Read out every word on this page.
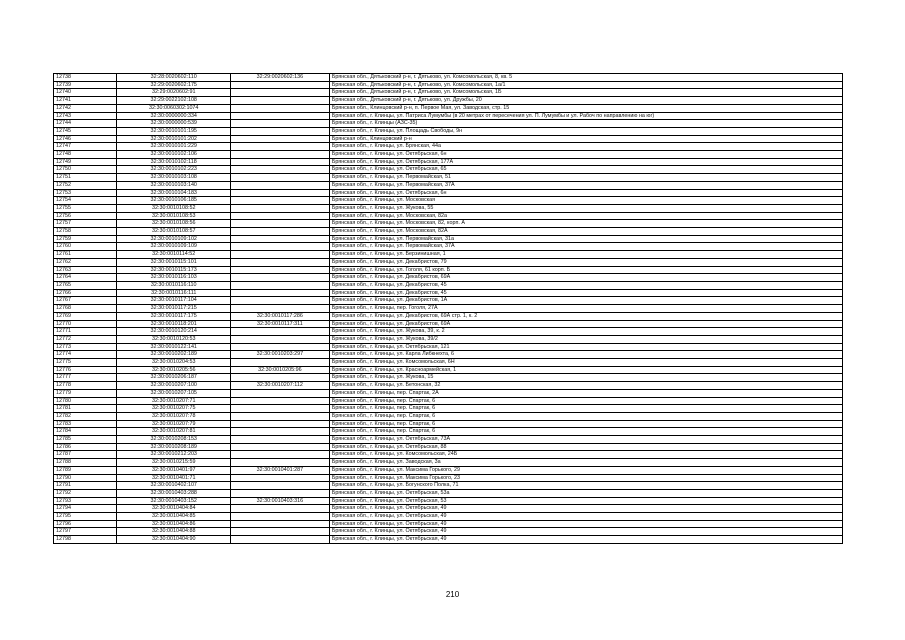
12738	32:28:0020602:110	32:29:0020602:136	Брянская обл., Дятьковский р-н, г. Дятьково, ул. Комсомольская, 8, кв. 5
12739	32:29:0020602:175		Брянская обл., Дятьковский р-н, г. Дятьково, ул. Комсомольская, 1а/1
12740	32:29:0020602:91		Брянская обл., Дятьковский р-н, г. Дятьково, ул. Комсомольская, 1Б
12741	32:29:0022102:108		Брянская обл., Дятьковский р-н, г. Дятьково, ул. Дружбы, 20
12742	32:30:0060302:1074		Брянская обл., Клинцовский р-н, п. Первое Мая, ул. Заводская, стр. 15
12743	32:30:0000000:334		Брянская обл., г. Клинцы, ул. Патриса Лумумбы (в 20 метрах от пересечения ул. П. Лумумбы и ул. Рабоч по направлению на юг)
12744	32:30:0000000:539		Брянская обл., г. Клинцы (АЗС-35)
12745	32:30:0010101:195		Брянская обл., г. Клинцы, ул. Площадь Свободы, 9н
12746	32:30:0010101:202		Брянская обл., Клинцовский р-н
12747	32:30:0010101:229		Брянская обл., г. Клинцы, ул. Брянская, 44а
12748	32:30:0010102:106		Брянская обл., г. Клинцы, ул. Октябрьская, 6н
12749	32:30:0010102:118		Брянская обл., г. Клинцы, ул. Октябрьская, 177А
12750	32:30:0010102:223		Брянская обл., г. Клинцы, ул. Октябрьская, 65
12751	32:30:0010103:108		Брянская обл., г. Клинцы, ул. Первомайская, 51
12752	32:30:0010103:140		Брянская обл., г. Клинцы, ул. Первомайская, 37А
12753	32:30:0010104:183		Брянская обл., г. Клинцы, ул. Октябрьская, 6н
12754	32:30:0010106:185		Брянская обл., г. Клинцы, ул. Московская
12755	32:30:0010108:52		Брянская обл., г. Клинцы, ул. Жукова, 55
12756	32:30:0010108:53		Брянская обл., г. Клинцы, ул. Московская, 82а
12757	32:30:0010108:56		Брянская обл., г. Клинцы, ул. Московская, 82, корп. А
12758	32:30:0010108:57		Брянская обл., г. Клинцы, ул. Московская, 82А
12759	32:30:0010109:102		Брянская обл., г. Клинцы, ул. Первомайская, 31а
12760	32:30:0010109:109		Брянская обл., г. Клинцы, ул. Первомайская, 37А
12761	32:30:0010114:52		Брянская обл., г. Клинцы, ул. Берзинишная, 1
12762	32:30:0010115:101		Брянская обл., г. Клинцы, ул. Декабристов, 79
12763	32:30:0010115:173		Брянская обл., г. Клинцы, ул. Гоголя, 61 корп. Б
12764	32:30:0010116:103		Брянская обл., г. Клинцы, ул. Декабристов, 69А
12765	32:30:0010116:110		Брянская обл., г. Клинцы, ул. Декабристов, 45
12766	32:30:0010116:111		Брянская обл., г. Клинцы, ул. Декабристов, 45
12767	32:30:0010117:104		Брянская обл., г. Клинцы, ул. Декабристов, 1А
12768	32:30:0010117:215		Брянская обл., г. Клинцы, пер. Гоголя, 27А
12769	32:30:0010117:175	32:30:0010117:286	Брянская обл., г. Клинцы, ул. Декабристов, 69А стр. 1, к. 2
12770	32:30:0010118:201	32:30:0010117:311	Брянская обл., г. Клинцы, ул. Декабристов, 69А
12771	32:30:0010120:214		Брянская обл., г. Клинцы, ул. Жукова, 39, к. 2
12772	32:30:0010120:53		Брянская обл., г. Клинцы, ул. Жукова, 39/2
12773	32:30:0010122:141		Брянская обл., г. Клинцы, ул. Октябрьская, 121
12774	32:30:0010202:189	32:30:0010203:297	Брянская обл., г. Клинцы, ул. Карла Либкнехта, 6
12775	32:30:0010204:53		Брянская обл., г. Клинцы, ул. Комсомольская, 6Н
12776	32:30:0010205:56	32:30:0010205:96	Брянская обл., г. Клинцы, ул. Красноармейская, 1
12777	32:30:0010206:187		Брянская обл., г. Клинцы, ул. Жукова, 15
12778	32:30:0010207:100	32:30:0010207:112	Брянская обл., г. Клинцы, ул. Бетонская, 32
12779	32:30:0010207:105		Брянская обл., г. Клинцы, пер. Спартак, 2А
12780	32:30:0010207:71		Брянская обл., г. Клинцы, пер. Спартак, 6
12781	32:30:0010207:75		Брянская обл., г. Клинцы, пер. Спартак, 6
12782	32:30:0010207:78		Брянская обл., г. Клинцы, пер. Спартак, 6
12783	32:30:0010207:79		Брянская обл., г. Клинцы, пер. Спартак, 6
12784	32:30:0010207:81		Брянская обл., г. Клинцы, пер. Спартак, 6
12785	32:30:0010208:153		Брянская обл., г. Клинцы, ул. Октябрьская, 73А
12786	32:30:0010208:189		Брянская обл., г. Клинцы, ул. Октябрьская, 88
12787	32:30:0010212:203		Брянская обл., г. Клинцы, ул. Комсомольская, 24Б
12788	32:30:0010215:59		Брянская обл., г. Клинцы, ул. Заводская, 3а
12789	32:30:0010401:97	32:30:0010401:287	Брянская обл., г. Клинцы, ул. Максима Горького, 29
12790	32:30:0010401:71		Брянская обл., г. Клинцы, ул. Максима Горького, 23
12791	32:30:0010402:107		Брянская обл., г. Клинцы, ул. Богунского Полка, 71
12792	32:30:0010403:288		Брянская обл., г. Клинцы, ул. Октябрьская, 53а
12793	32:30:0010403:152	32:30:0010403:316	Брянская обл., г. Клинцы, ул. Октябрьская, 53
12794	32:30:0010404:84		Брянская обл., г. Клинцы, ул. Октябрьская, 49
12795	32:30:0010404:85		Брянская обл., г. Клинцы, ул. Октябрьская, 49
12796	32:30:0010404:86		Брянская обл., г. Клинцы, ул. Октябрьская, 49
12797	32:30:0010404:88		Брянская обл., г. Клинцы, ул. Октябрьская, 49
12798	32:30:0010404:90		Брянская обл., г. Клинцы, ул. Октябрьская, 49
210
